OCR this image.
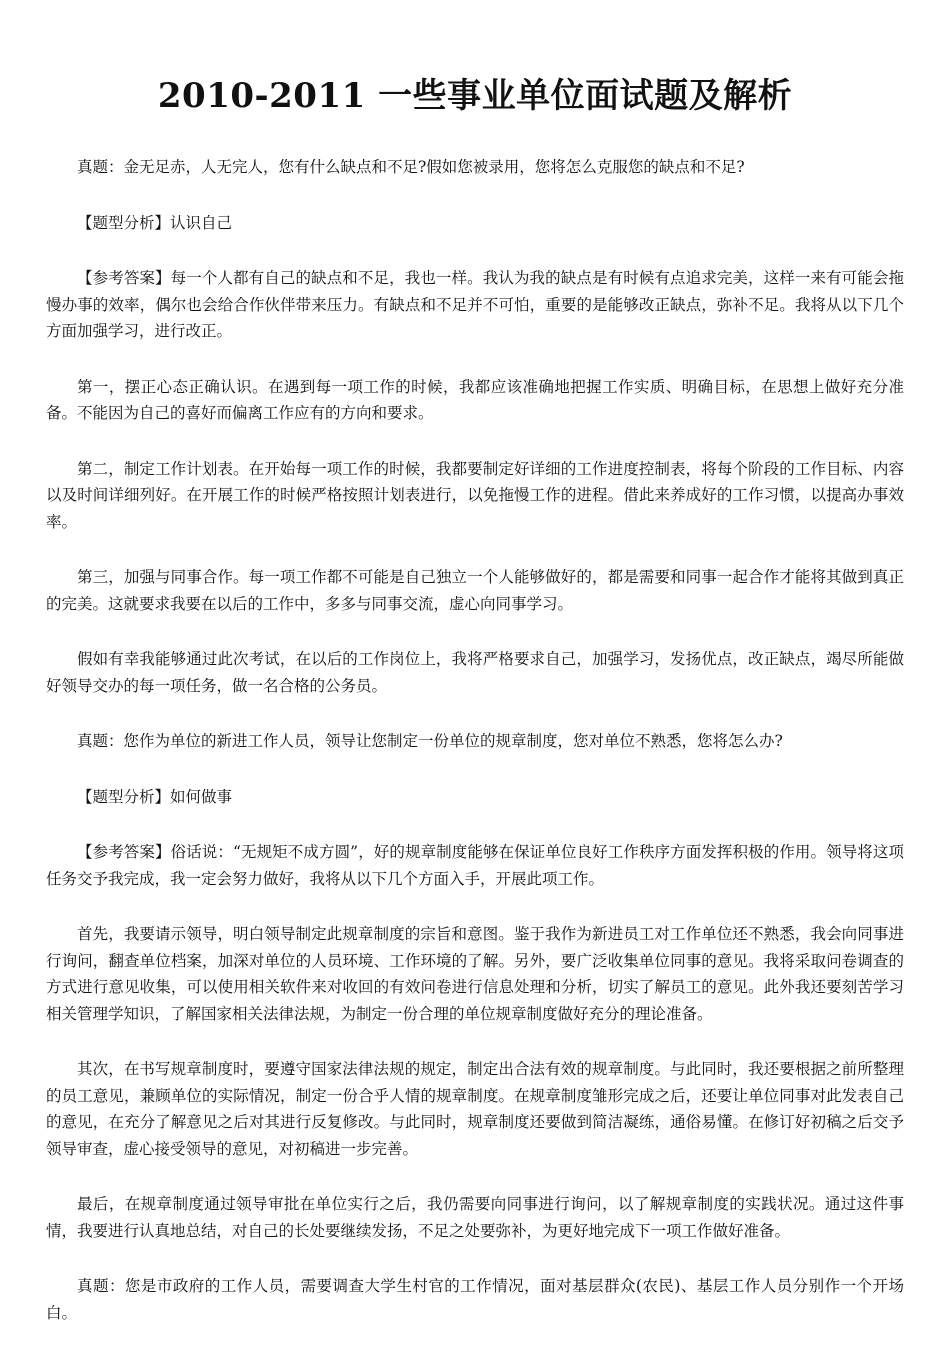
2010-2011 一些事业单位面试题及解析

真题：金无足赤，人无完人，您有什么缺点和不足?假如您被录用，您将怎么克服您的缺点和不足?

【题型分析】认识自己

【参考答案】每一个人都有自己的缺点和不足，我也一样。我认为我的缺点是有时候有点追求完美，这样一来有可能会拖慢办事的效率，偶尔也会给合作伙伴带来压力。有缺点和不足并不可怕，重要的是能够改正缺点，弥补不足。我将从以下几个方面加强学习，进行改正。

第一，摆正心态正确认识。在遇到每一项工作的时候，我都应该准确地把握工作实质、明确目标，在思想上做好充分准备。不能因为自己的喜好而偏离工作应有的方向和要求。

第二，制定工作计划表。在开始每一项工作的时候，我都要制定好详细的工作进度控制表，将每个阶段的工作目标、内容以及时间详细列好。在开展工作的时候严格按照计划表进行，以免拖慢工作的进程。借此来养成好的工作习惯，以提高办事效率。

第三，加强与同事合作。每一项工作都不可能是自己独立一个人能够做好的，都是需要和同事一起合作才能将其做到真正的完美。这就要求我要在以后的工作中，多多与同事交流，虚心向同事学习。

假如有幸我能够通过此次考试，在以后的工作岗位上，我将严格要求自己，加强学习，发扬优点，改正缺点，竭尽所能做好领导交办的每一项任务，做一名合格的公务员。

真题：您作为单位的新进工作人员，领导让您制定一份单位的规章制度，您对单位不熟悉，您将怎么办?

【题型分析】如何做事

【参考答案】俗话说：“无规矩不成方圆”，好的规章制度能够在保证单位良好工作秩序方面发挥积极的作用。领导将这项任务交予我完成，我一定会努力做好，我将从以下几个方面入手，开展此项工作。

首先，我要请示领导，明白领导制定此规章制度的宗旨和意图。鉴于我作为新进员工对工作单位还不熟悉，我会向同事进行询问，翻查单位档案，加深对单位的人员环境、工作环境的了解。另外，要广泛收集单位同事的意见。我将采取问卷调查的方式进行意见收集，可以使用相关软件来对收回的有效问卷进行信息处理和分析，切实了解员工的意见。此外我还要刻苦学习相关管理学知识，了解国家相关法律法规，为制定一份合理的单位规章制度做好充分的理论准备。

其次，在书写规章制度时，要遵守国家法律法规的规定，制定出合法有效的规章制度。与此同时，我还要根据之前所整理的员工意见，兼顾单位的实际情况，制定一份合乎人情的规章制度。在规章制度雏形完成之后，还要让单位同事对此发表自己的意见，在充分了解意见之后对其进行反复修改。与此同时，规章制度还要做到简洁凝练，通俗易懂。在修订好初稿之后交予领导审查，虚心接受领导的意见，对初稿进一步完善。

最后，在规章制度通过领导审批在单位实行之后，我仍需要向同事进行询问，以了解规章制度的实践状况。通过这件事情，我要进行认真地总结，对自己的长处要继续发扬，不足之处要弥补，为更好地完成下一项工作做好准备。

真题：您是市政府的工作人员，需要调查大学生村官的工作情况，面对基层群众(农民)、基层工作人员分别作一个开场白。
